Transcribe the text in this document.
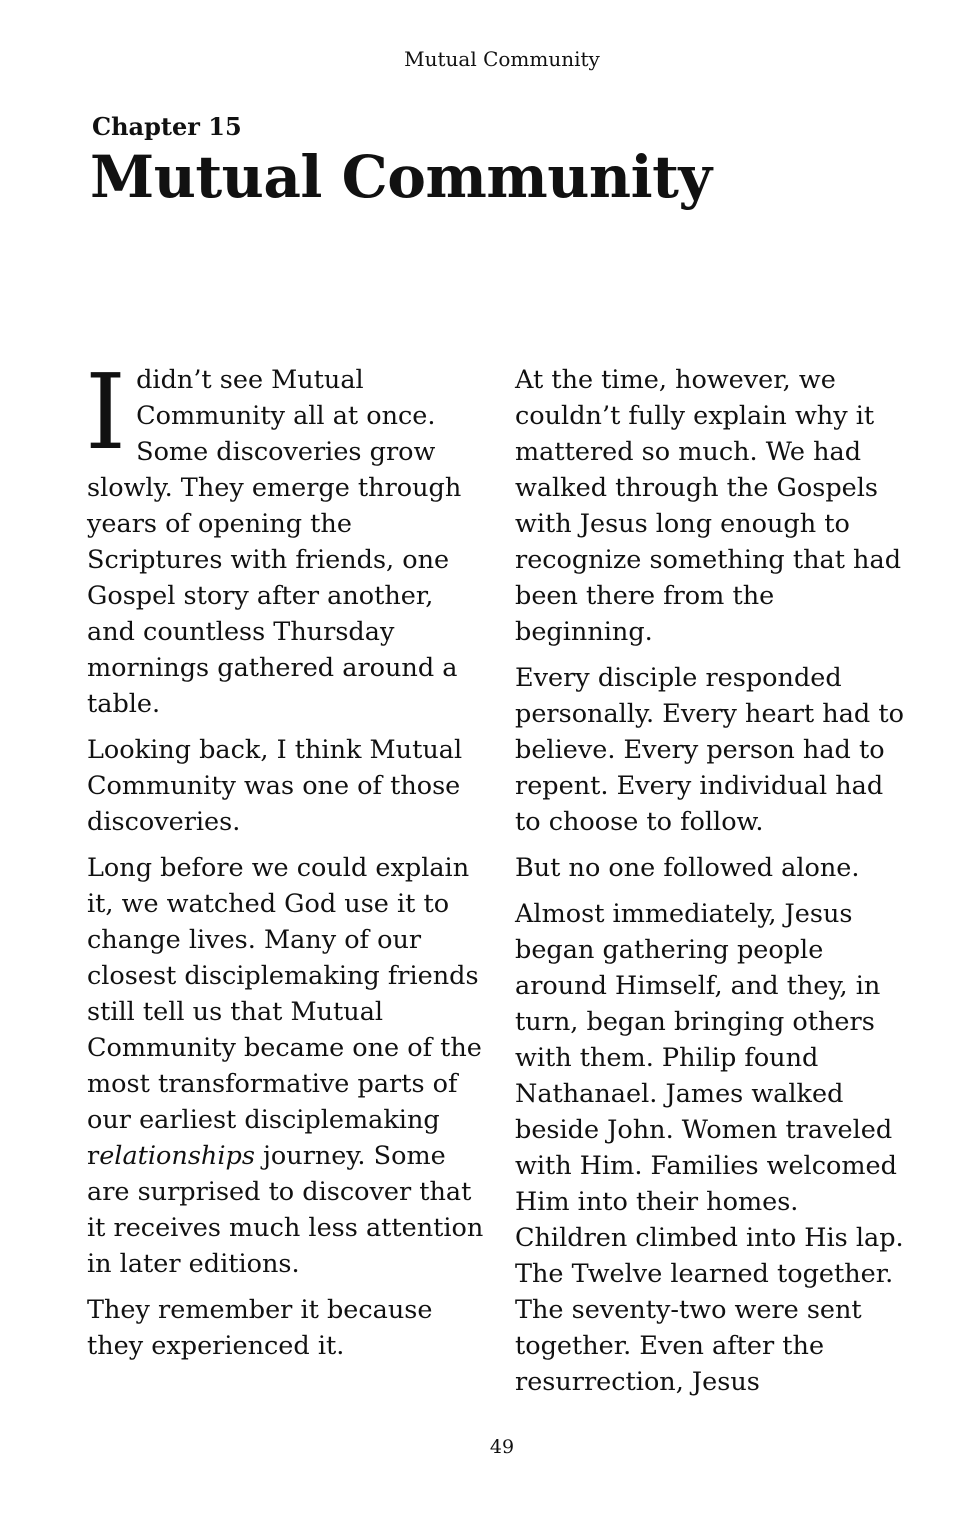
Mutual Community
Chapter 15
Mutual Community

I didn’t see Mutual Community all at once. Some discoveries grow slowly. They emerge through years of opening the Scriptures with friends, one Gospel story after another, and countless Thursday mornings gathered around a table.

Looking back, I think Mutual Community was one of those discoveries.

Long before we could explain it, we watched God use it to change lives. Many of our closest disciplemaking friends still tell us that Mutual Community became one of the most transformative parts of our earliest disciplemaking relationships journey. Some are surprised to discover that it receives much less attention in later editions.

They remember it because they experienced it.

At the time, however, we couldn’t fully explain why it mattered so much. We had walked through the Gospels with Jesus long enough to recognize something that had been there from the beginning.

Every disciple responded personally. Every heart had to believe. Every person had to repent. Every individual had to choose to follow.

But no one followed alone.

Almost immediately, Jesus began gathering people around Himself, and they, in turn, began bringing others with them. Philip found Nathanael. James walked beside John. Women traveled with Him. Families welcomed Him into their homes. Children climbed into His lap. The Twelve learned together. The seventy-two were sent together. Even after the resurrection, Jesus

49
